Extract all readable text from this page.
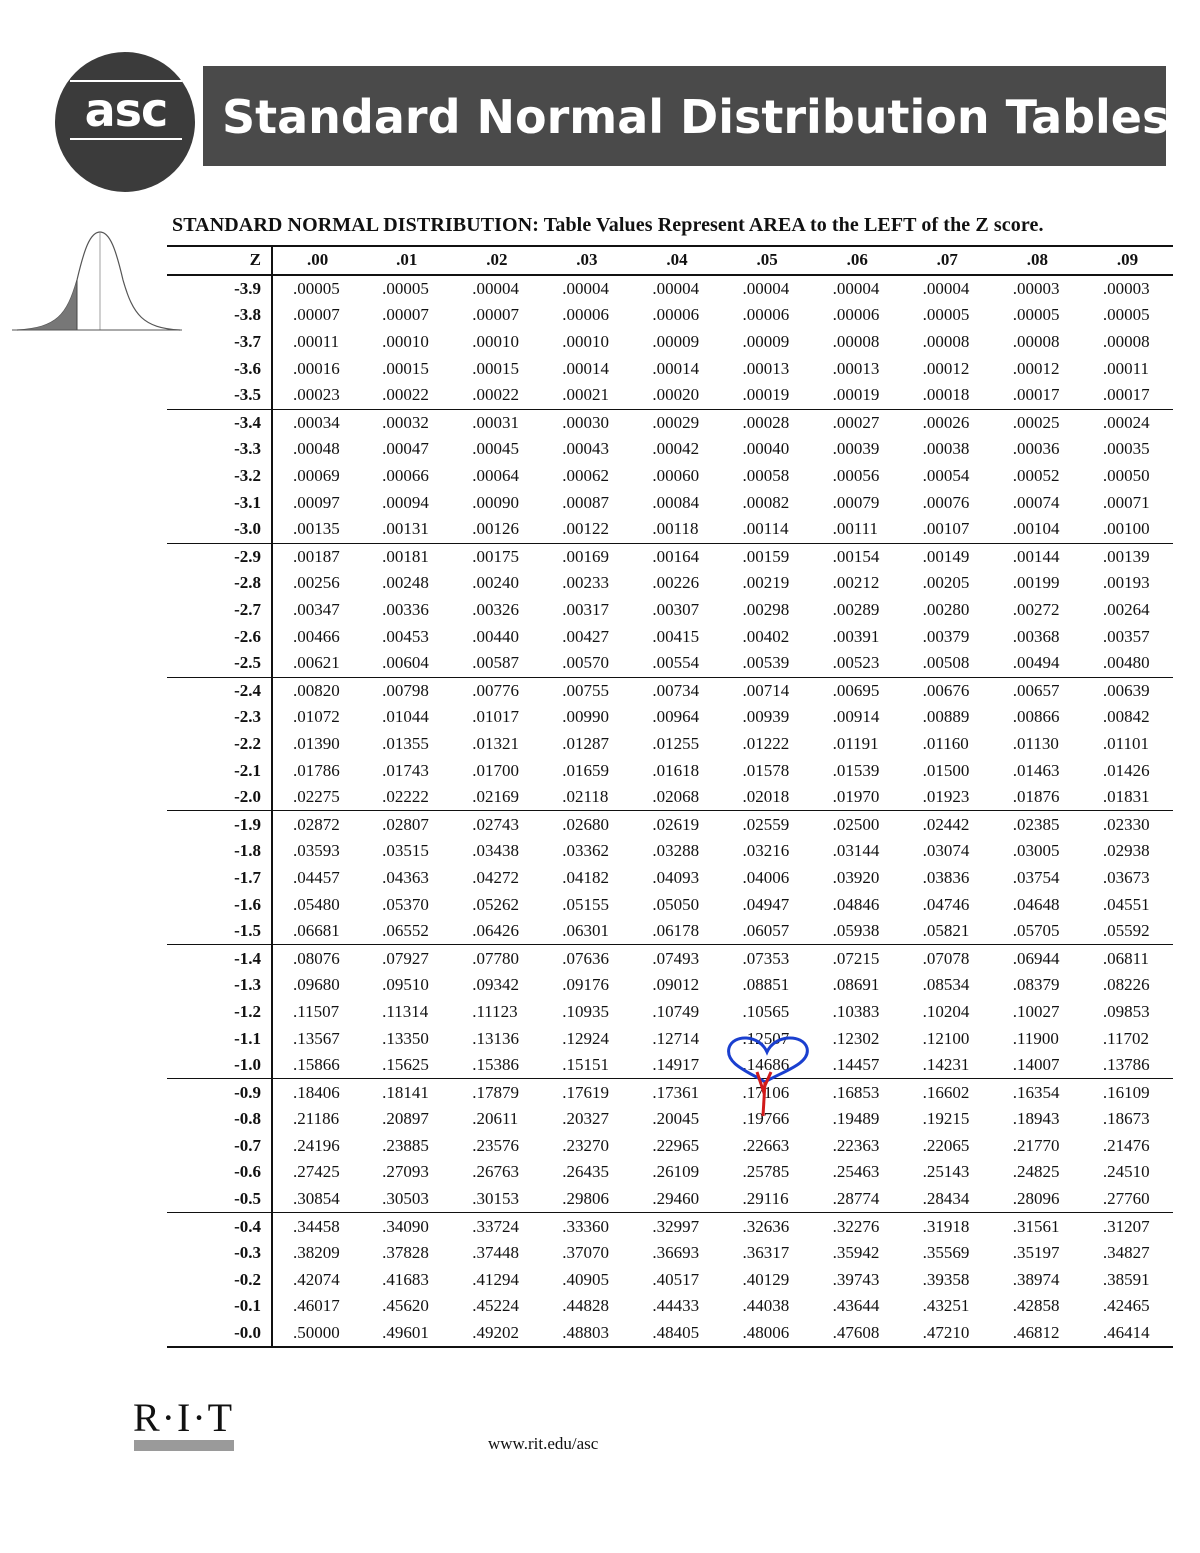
asc	Standard Normal Distribution Tables
STANDARD NORMAL DISTRIBUTION: Table Values Represent AREA to the LEFT of the Z score.
Z	.00	.01	.02	.03	.04	.05	.06	.07	.08	.09
-3.9	.00005	.00005	.00004	.00004	.00004	.00004	.00004	.00004	.00003	.00003
-3.8	.00007	.00007	.00007	.00006	.00006	.00006	.00006	.00005	.00005	.00005
-3.7	.00011	.00010	.00010	.00010	.00009	.00009	.00008	.00008	.00008	.00008
-3.6	.00016	.00015	.00015	.00014	.00014	.00013	.00013	.00012	.00012	.00011
-3.5	.00023	.00022	.00022	.00021	.00020	.00019	.00019	.00018	.00017	.00017
-3.4	.00034	.00032	.00031	.00030	.00029	.00028	.00027	.00026	.00025	.00024
-3.3	.00048	.00047	.00045	.00043	.00042	.00040	.00039	.00038	.00036	.00035
-3.2	.00069	.00066	.00064	.00062	.00060	.00058	.00056	.00054	.00052	.00050
-3.1	.00097	.00094	.00090	.00087	.00084	.00082	.00079	.00076	.00074	.00071
-3.0	.00135	.00131	.00126	.00122	.00118	.00114	.00111	.00107	.00104	.00100
-2.9	.00187	.00181	.00175	.00169	.00164	.00159	.00154	.00149	.00144	.00139
-2.8	.00256	.00248	.00240	.00233	.00226	.00219	.00212	.00205	.00199	.00193
-2.7	.00347	.00336	.00326	.00317	.00307	.00298	.00289	.00280	.00272	.00264
-2.6	.00466	.00453	.00440	.00427	.00415	.00402	.00391	.00379	.00368	.00357
-2.5	.00621	.00604	.00587	.00570	.00554	.00539	.00523	.00508	.00494	.00480
-2.4	.00820	.00798	.00776	.00755	.00734	.00714	.00695	.00676	.00657	.00639
-2.3	.01072	.01044	.01017	.00990	.00964	.00939	.00914	.00889	.00866	.00842
-2.2	.01390	.01355	.01321	.01287	.01255	.01222	.01191	.01160	.01130	.01101
-2.1	.01786	.01743	.01700	.01659	.01618	.01578	.01539	.01500	.01463	.01426
-2.0	.02275	.02222	.02169	.02118	.02068	.02018	.01970	.01923	.01876	.01831
-1.9	.02872	.02807	.02743	.02680	.02619	.02559	.02500	.02442	.02385	.02330
-1.8	.03593	.03515	.03438	.03362	.03288	.03216	.03144	.03074	.03005	.02938
-1.7	.04457	.04363	.04272	.04182	.04093	.04006	.03920	.03836	.03754	.03673
-1.6	.05480	.05370	.05262	.05155	.05050	.04947	.04846	.04746	.04648	.04551
-1.5	.06681	.06552	.06426	.06301	.06178	.06057	.05938	.05821	.05705	.05592
-1.4	.08076	.07927	.07780	.07636	.07493	.07353	.07215	.07078	.06944	.06811
-1.3	.09680	.09510	.09342	.09176	.09012	.08851	.08691	.08534	.08379	.08226
-1.2	.11507	.11314	.11123	.10935	.10749	.10565	.10383	.10204	.10027	.09853
-1.1	.13567	.13350	.13136	.12924	.12714	.12507	.12302	.12100	.11900	.11702
-1.0	.15866	.15625	.15386	.15151	.14917	.14686	.14457	.14231	.14007	.13786
-0.9	.18406	.18141	.17879	.17619	.17361	.17106	.16853	.16602	.16354	.16109
-0.8	.21186	.20897	.20611	.20327	.20045	.19766	.19489	.19215	.18943	.18673
-0.7	.24196	.23885	.23576	.23270	.22965	.22663	.22363	.22065	.21770	.21476
-0.6	.27425	.27093	.26763	.26435	.26109	.25785	.25463	.25143	.24825	.24510
-0.5	.30854	.30503	.30153	.29806	.29460	.29116	.28774	.28434	.28096	.27760
-0.4	.34458	.34090	.33724	.33360	.32997	.32636	.32276	.31918	.31561	.31207
-0.3	.38209	.37828	.37448	.37070	.36693	.36317	.35942	.35569	.35197	.34827
-0.2	.42074	.41683	.41294	.40905	.40517	.40129	.39743	.39358	.38974	.38591
-0.1	.46017	.45620	.45224	.44828	.44433	.44038	.43644	.43251	.42858	.42465
-0.0	.50000	.49601	.49202	.48803	.48405	.48006	.47608	.47210	.46812	.46414
R·I·T
www.rit.edu/asc
